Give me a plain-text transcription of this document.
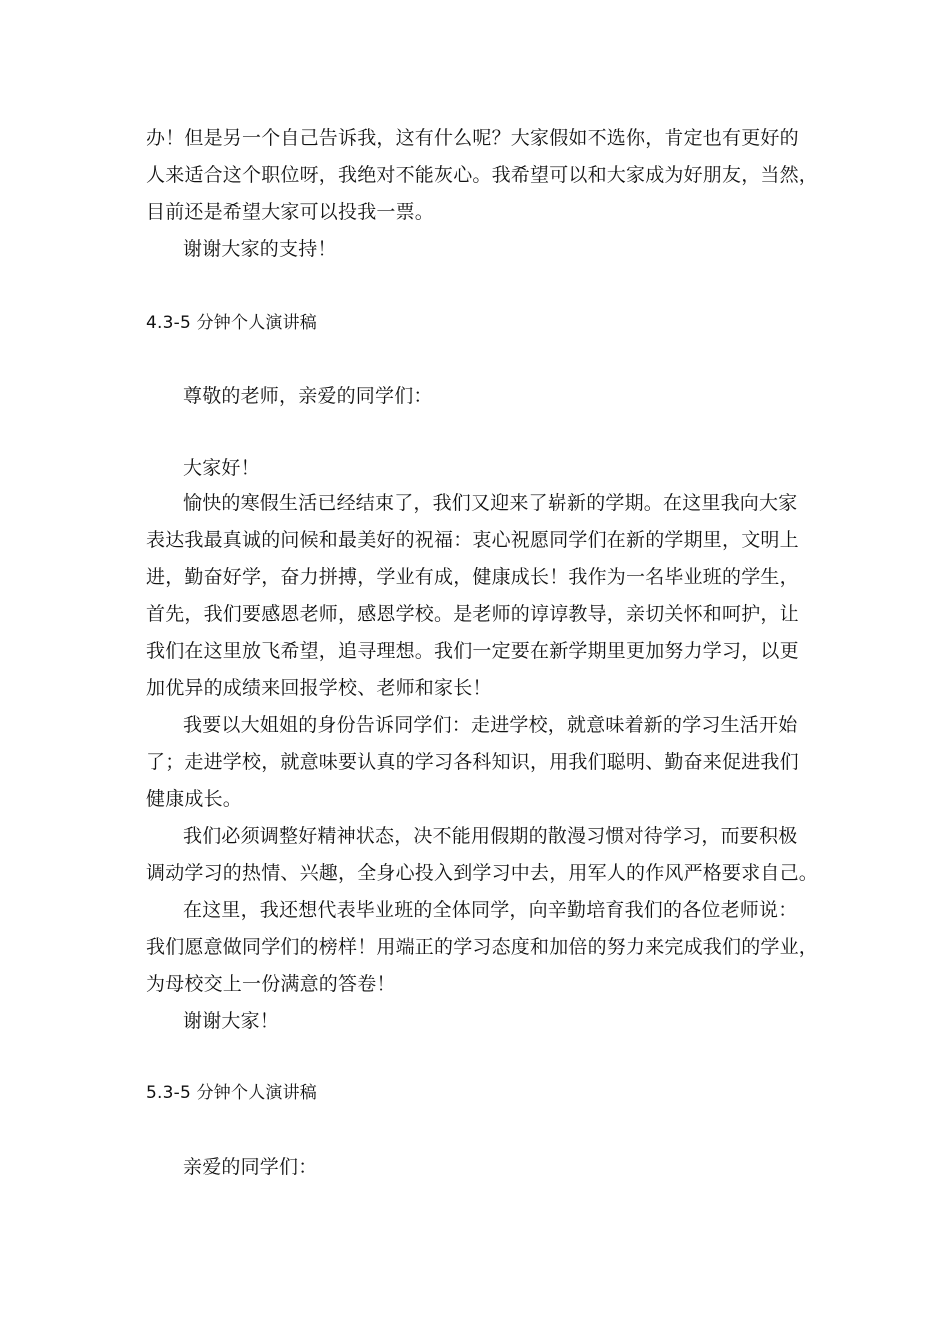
办！但是另一个自己告诉我，这有什么呢？大家假如不选你，肯定也有更好的
人来适合这个职位呀，我绝对不能灰心。我希望可以和大家成为好朋友，当然，
目前还是希望大家可以投我一票。
谢谢大家的支持！
4.3-5 分钟个人演讲稿
尊敬的老师，亲爱的同学们：
大家好！
愉快的寒假生活已经结束了，我们又迎来了崭新的学期。在这里我向大家
表达我最真诚的问候和最美好的祝福：衷心祝愿同学们在新的学期里，文明上
进，勤奋好学，奋力拼搏，学业有成，健康成长！我作为一名毕业班的学生，
首先，我们要感恩老师，感恩学校。是老师的谆谆教导，亲切关怀和呵护，让
我们在这里放飞希望，追寻理想。我们一定要在新学期里更加努力学习，以更
加优异的成绩来回报学校、老师和家长！
我要以大姐姐的身份告诉同学们：走进学校，就意味着新的学习生活开始
了；走进学校，就意味要认真的学习各科知识，用我们聪明、勤奋来促进我们
健康成长。
我们必须调整好精神状态，决不能用假期的散漫习惯对待学习，而要积极
调动学习的热情、兴趣，全身心投入到学习中去，用军人的作风严格要求自己。
在这里，我还想代表毕业班的全体同学，向辛勤培育我们的各位老师说：
我们愿意做同学们的榜样！用端正的学习态度和加倍的努力来完成我们的学业，
为母校交上一份满意的答卷！
谢谢大家！
5.3-5 分钟个人演讲稿
亲爱的同学们：
